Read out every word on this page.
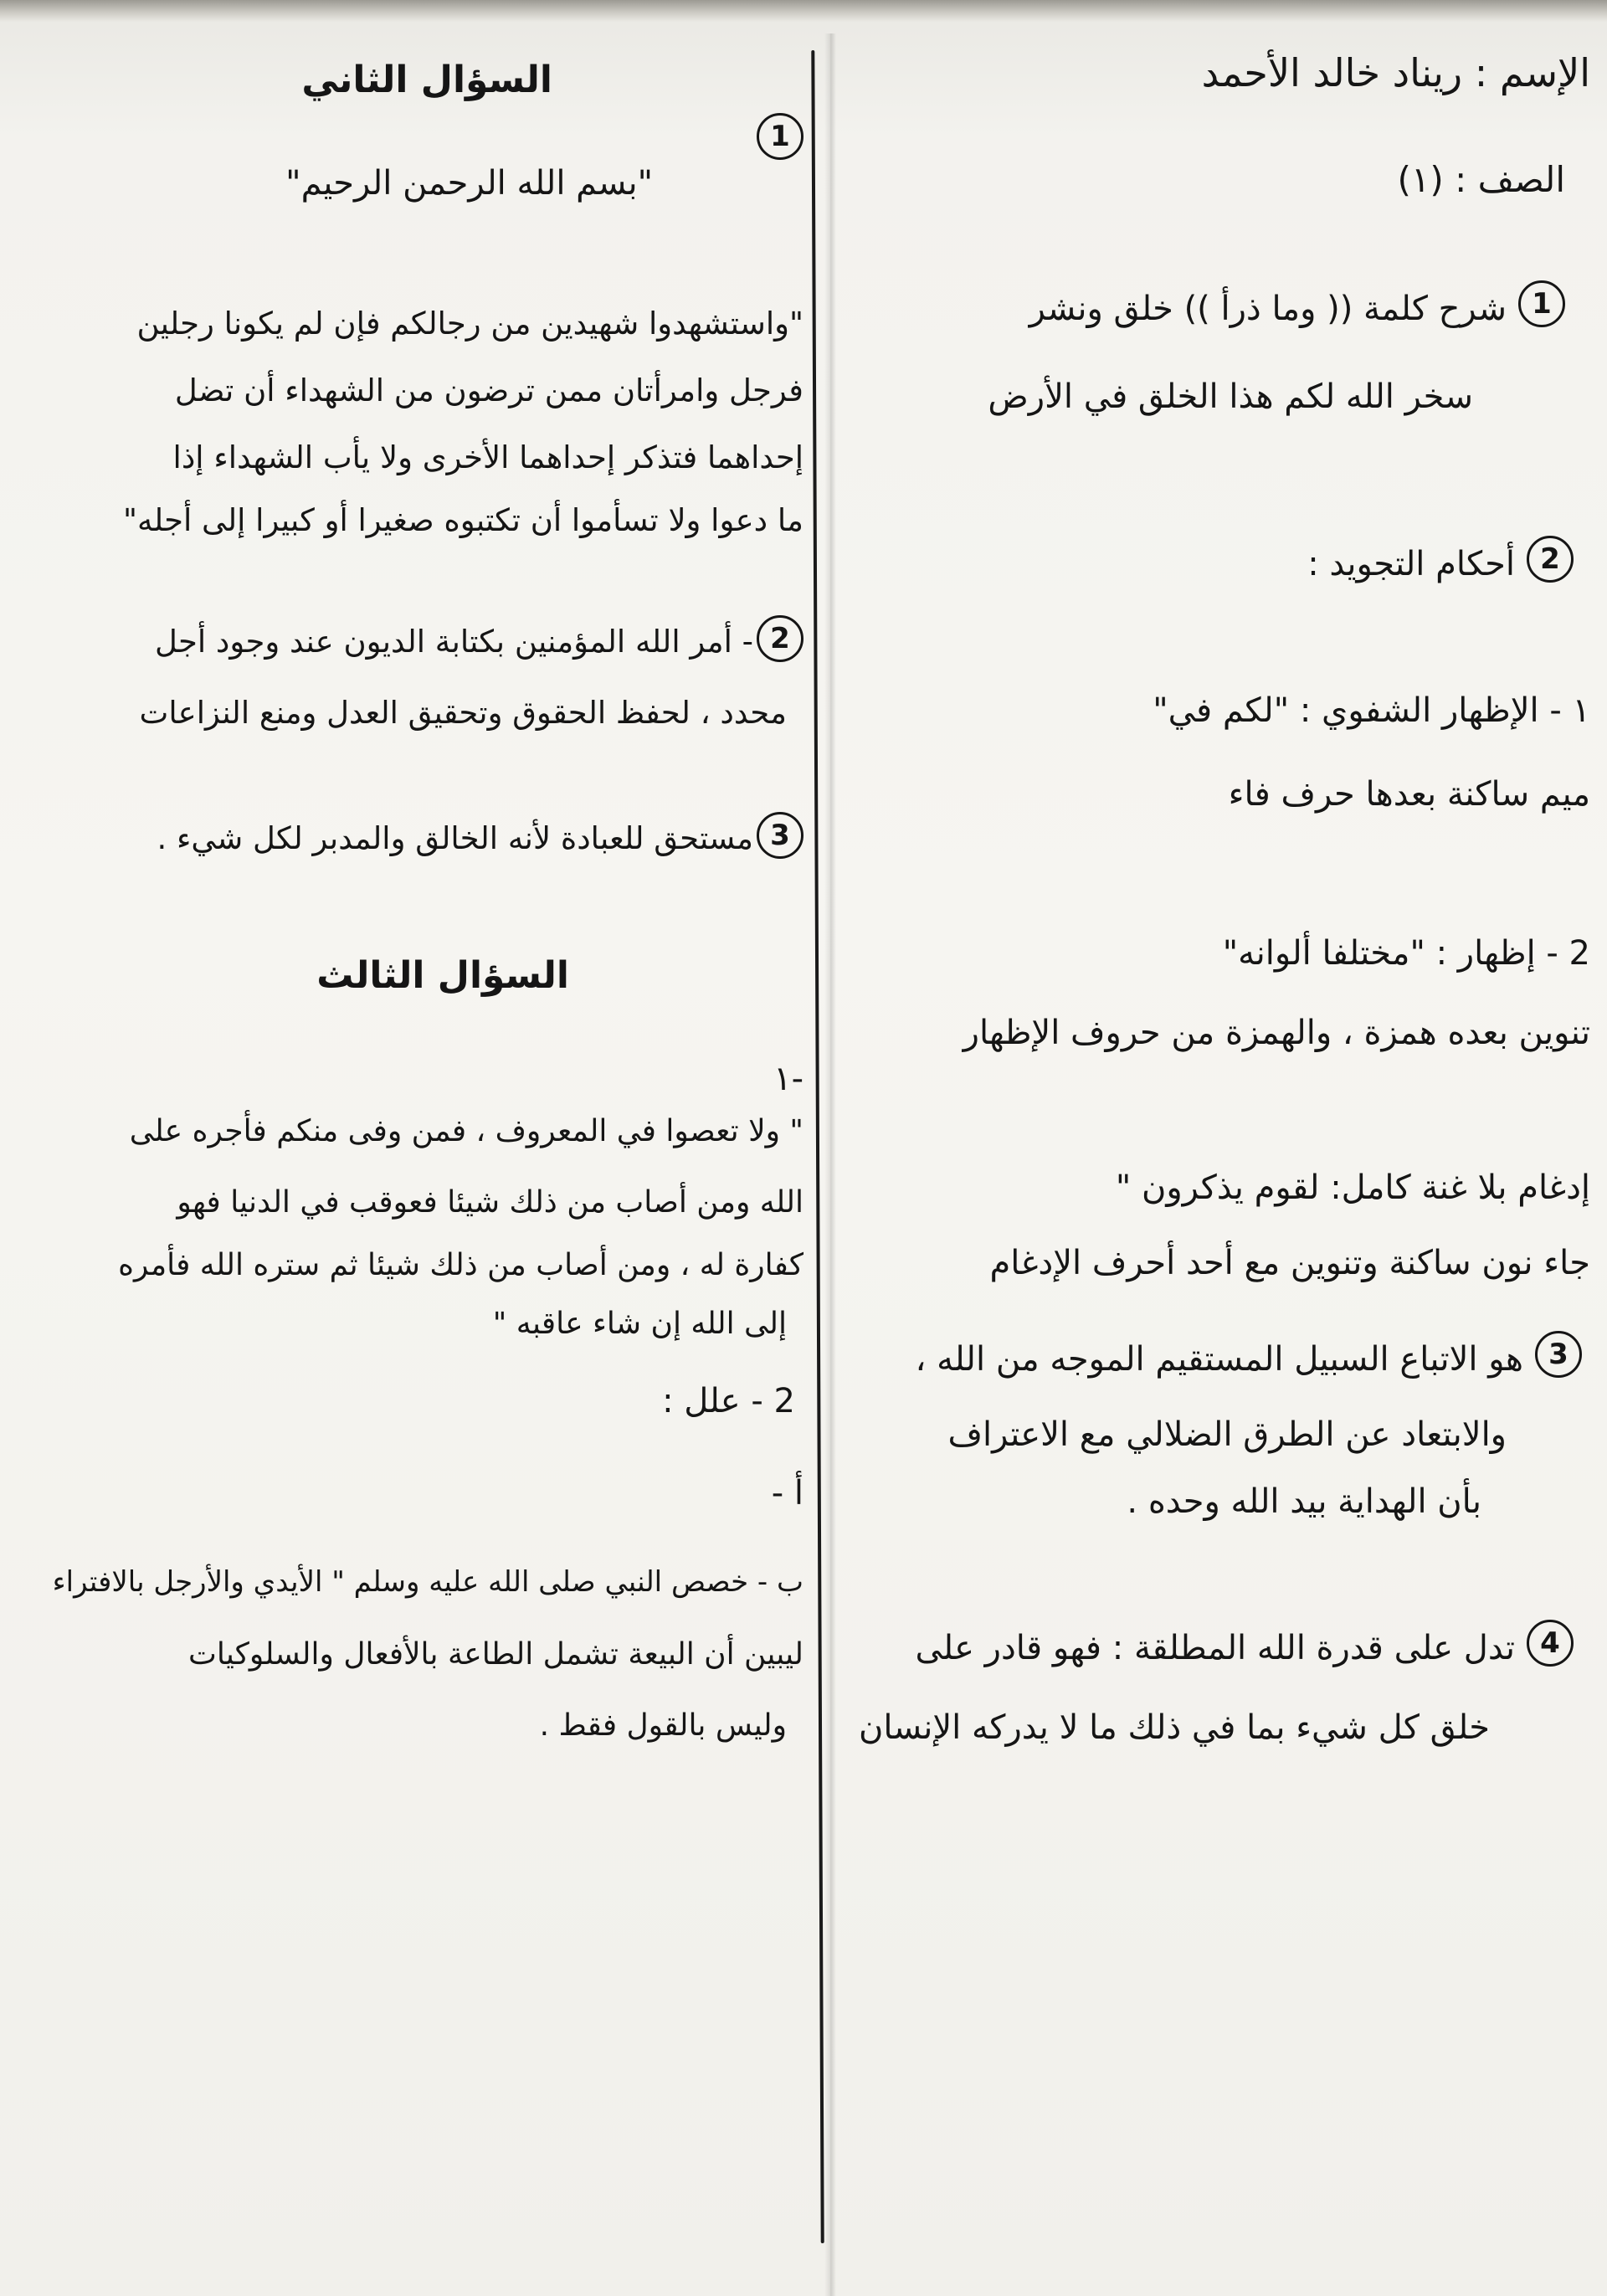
الإسم : ريناد خالد الأحمد
الصف : (١)
1
شرح كلمة (( وما ذرأ )) خلق ونشر
سخر الله لكم هذا الخلق في الأرض
2
أحكام التجويد :
١ - الإظهار الشفوي : "لكم في"
ميم ساكنة بعدها حرف فاء
2 - إظهار : "مختلفا ألوانه"
تنوين بعده همزة ، والهمزة من حروف الإظهار
إدغام بلا غنة كامل: لقوم يذكرون "
جاء نون ساكنة وتنوين مع أحد أحرف الإدغام
3
هو الاتباع السبيل المستقيم الموجه من الله ،
والابتعاد عن الطرق الضلالي مع الاعتراف
بأن الهداية بيد الله وحده .
4
تدل على قدرة الله المطلقة : فهو قادر على
خلق كل شيء بما في ذلك ما لا يدركه الإنسان
السؤال الثاني
1
"بسم الله الرحمن الرحيم"
"واستشهدوا شهيدين من رجالكم فإن لم يكونا رجلين
فرجل وامرأتان ممن ترضون من الشهداء أن تضل
إحداهما فتذكر إحداهما الأخرى ولا يأب الشهداء إذا
ما دعوا ولا تسأموا أن تكتبوه صغيرا أو كبيرا إلى أجله"
2
- أمر الله المؤمنين بكتابة الديون عند وجود أجل
محدد ، لحفظ الحقوق وتحقيق العدل ومنع النزاعات
3
مستحق للعبادة لأنه الخالق والمدبر لكل شيء .
السؤال الثالث
-١
" ولا تعصوا في المعروف ، فمن وفى منكم فأجره على
الله ومن أصاب من ذلك شيئا فعوقب في الدنيا فهو
كفارة له ، ومن أصاب من ذلك شيئا ثم ستره الله فأمره
إلى الله إن شاء عاقبه "
2 - علل :
أ -
ب - خصص النبي صلى الله عليه وسلم " الأيدي والأرجل بالافتراء
ليبين أن البيعة تشمل الطاعة بالأفعال والسلوكيات
وليس بالقول فقط .
